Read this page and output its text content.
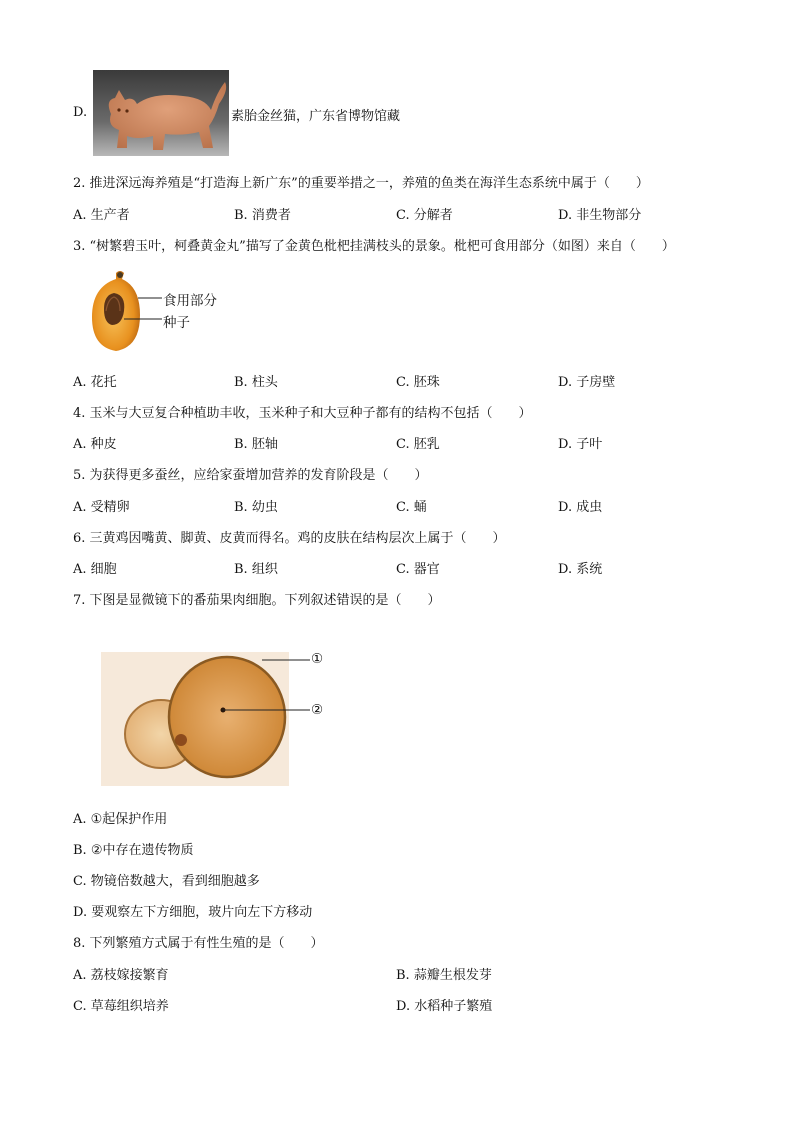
D.	素胎金丝猫，广东省博物馆藏
2. 推进深远海养殖是“打造海上新广东”的重要举措之一，养殖的鱼类在海洋生态系统中属于（　　）
A. 生产者	B. 消费者	C. 分解者	D. 非生物部分
3. “树繁碧玉叶，柯叠黄金丸”描写了金黄色枇杷挂满枝头的景象。枇杷可食用部分（如图）来自（　　）
食用部分
种子
A. 花托	B. 柱头	C. 胚珠	D. 子房壁
4. 玉米与大豆复合种植助丰收，玉米种子和大豆种子都有的结构不包括（　　）
A. 种皮	B. 胚轴	C. 胚乳	D. 子叶
5. 为获得更多蚕丝，应给家蚕增加营养的发育阶段是（　　）
A. 受精卵	B. 幼虫	C. 蛹	D. 成虫
6. 三黄鸡因嘴黄、脚黄、皮黄而得名。鸡的皮肤在结构层次上属于（　　）
A. 细胞	B. 组织	C. 器官	D. 系统
7. 下图是显微镜下的番茄果肉细胞。下列叙述错误的是（　　）
①
②
A. ①起保护作用
B. ②中存在遗传物质
C. 物镜倍数越大，看到细胞越多
D. 要观察左下方细胞，玻片向左下方移动
8. 下列繁殖方式属于有性生殖的是（　　）
A. 荔枝嫁接繁育	B. 蒜瓣生根发芽
C. 草莓组织培养	D. 水稻种子繁殖
